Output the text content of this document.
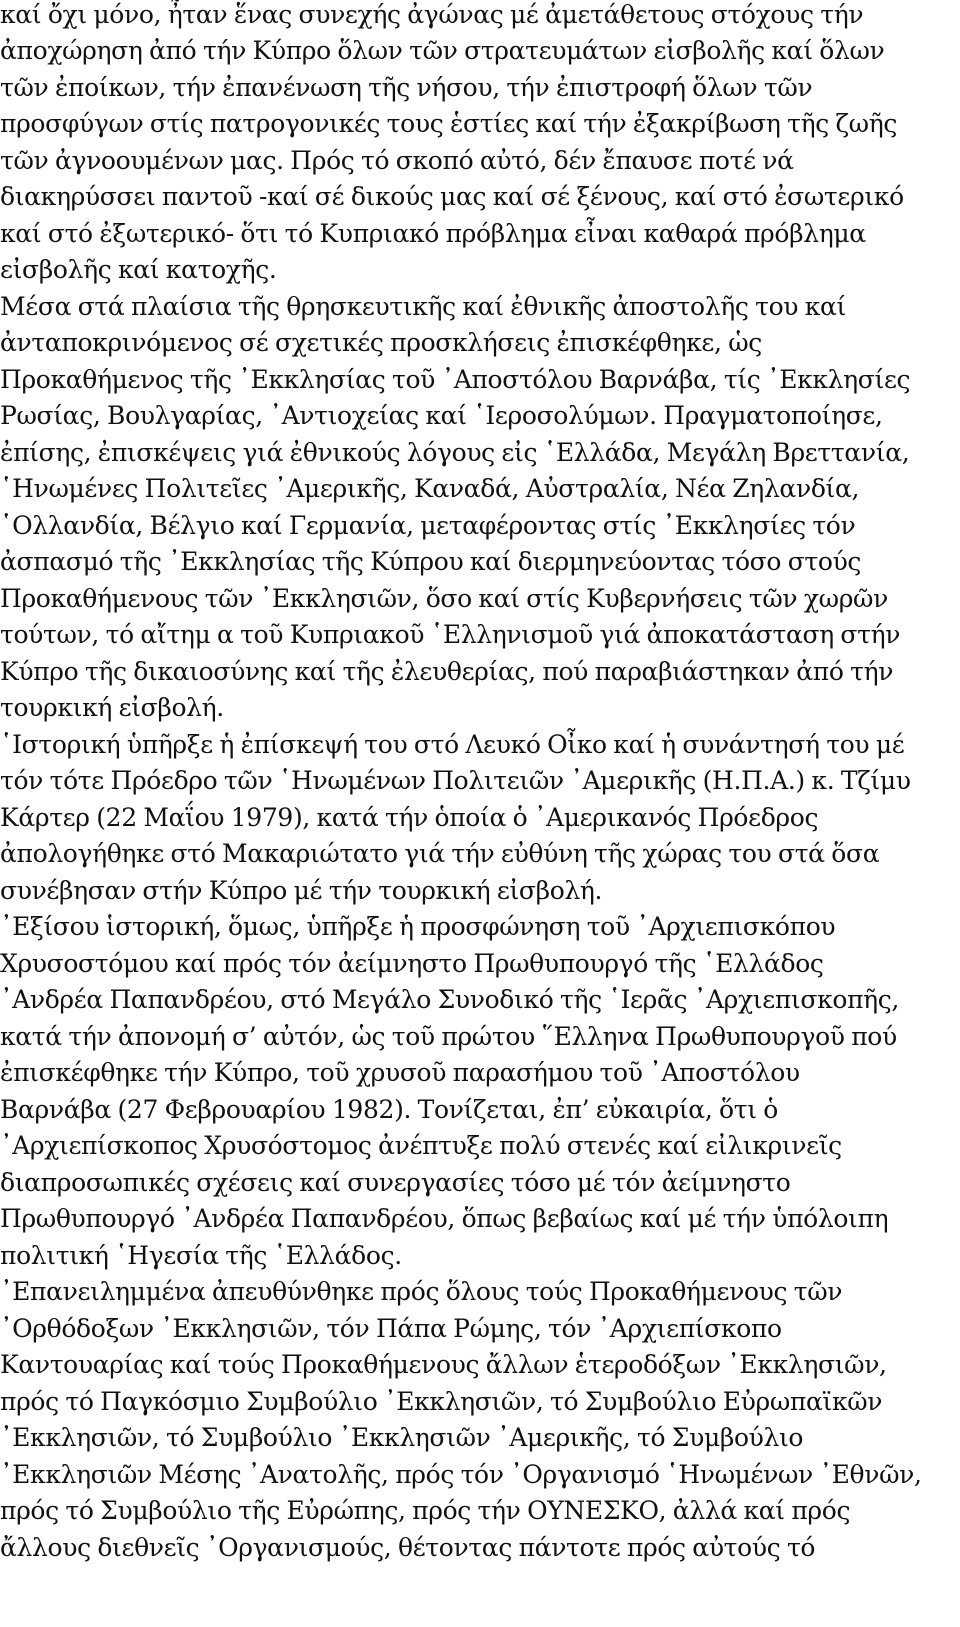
καί ὄχι μόνο, ἦταν ἕνας συνεχής ἀγώνας μέ ἀμετάθετους στόχους τήν
ἀποχώρηση ἀπό τήν Κύπρο ὅλων τῶν στρατευμάτων εἰσβολῆς καί ὅλων
τῶν ἐποίκων, τήν ἐπανένωση τῆς νήσου, τήν ἐπιστροφή ὅλων τῶν
προσφύγων στίς πατρογονικές τους ἑστίες καί τήν ἐξακρίβωση τῆς ζωῆς
τῶν ἀγνοουμένων μας. Πρός τό σκοπό αὐτό, δέν ἔπαυσε ποτέ νά
διακηρύσσει παντοῦ -καί σέ δικούς μας καί σέ ξένους, καί στό ἐσωτερικό
καί στό ἐξωτερικό- ὅτι τό Κυπριακό πρόβλημα εἶναι καθαρά πρόβλημα
εἰσβολῆς καί κατοχῆς.
Μέσα στά πλαίσια τῆς θρησκευτικῆς καί ἐθνικῆς ἀποστολῆς του καί
ἀνταποκρινόμενος σέ σχετικές προσκλήσεις ἐπισκέφθηκε, ὡς
Προκαθήμενος τῆς ᾿Εκκλησίας τοῦ ᾿Αποστόλου Βαρνάβα, τίς ᾿Εκκλησίες
Ρωσίας, Βουλγαρίας, ᾿Αντιοχείας καί ῾Ιεροσολύμων. Πραγματοποίησε,
ἐπίσης, ἐπισκέψεις γιά ἐθνικούς λόγους εἰς ῾Ελλάδα, Μεγάλη Βρεττανία,
῾Ηνωμένες Πολιτεῖες ᾿Αμερικῆς, Καναδά, Αὐστραλία, Νέα Ζηλανδία,
῾Ολλανδία, Βέλγιο καί Γερμανία, μεταφέροντας στίς ᾿Εκκλησίες τόν
ἀσπασμό τῆς ᾿Εκκλησίας τῆς Κύπρου καί διερμηνεύοντας τόσο στούς
Προκαθήμενους τῶν ᾿Εκκλησιῶν, ὅσο καί στίς Κυβερνήσεις τῶν χωρῶν
τούτων, τό αἴτημ α τοῦ Κυπριακοῦ ῾Ελληνισμοῦ γιά ἀποκατάσταση στήν
Κύπρο τῆς δικαιοσύνης καί τῆς ἐλευθερίας, πού παραβιάστηκαν ἀπό τήν
τουρκική εἰσβολή.
῾Ιστορική ὑπῆρξε ἡ ἐπίσκεψή του στό Λευκό Οἶκο καί ἡ συνάντησή του μέ
τόν τότε Πρόεδρο τῶν ῾Ηνωμένων Πολιτειῶν ᾿Αμερικῆς (Η.Π.Α.) κ. Τζίμυ
Κάρτερ (22 Μαΐου 1979), κατά τήν ὁποία ὁ ᾿Αμερικανός Πρόεδρος
ἀπολογήθηκε στό Μακαριώτατο γιά τήν εὐθύνη τῆς χώρας του στά ὅσα
συνέβησαν στήν Κύπρο μέ τήν τουρκική εἰσβολή.
᾿Εξίσου ἱστορική, ὅμως, ὑπῆρξε ἡ προσφώνηση τοῦ ᾿Αρχιεπισκόπου
Χρυσοστόμου καί πρός τόν ἀείμνηστο Πρωθυπουργό τῆς ῾Ελλάδος
᾿Ανδρέα Παπανδρέου, στό Μεγάλο Συνοδικό τῆς ῾Ιερᾶς ᾿Αρχιεπισκοπῆς,
κατά τήν ἀπονομή σ’ αὐτόν, ὡς τοῦ πρώτου ῞Ελληνα Πρωθυπουργοῦ πού
ἐπισκέφθηκε τήν Κύπρο, τοῦ χρυσοῦ παρασήμου τοῦ ᾿Αποστόλου
Βαρνάβα (27 Φεβρουαρίου 1982). Τονίζεται, ἐπ’ εὐκαιρία, ὅτι ὁ
᾿Αρχιεπίσκοπος Χρυσόστομος ἀνέπτυξε πολύ στενές καί εἰλικρινεῖς
διαπροσωπικές σχέσεις καί συνεργασίες τόσο μέ τόν ἀείμνηστο
Πρωθυπουργό ᾿Ανδρέα Παπανδρέου, ὅπως βεβαίως καί μέ τήν ὑπόλοιπη
πολιτική ῾Ηγεσία τῆς ῾Ελλάδος.
᾿Επανειλημμένα ἀπευθύνθηκε πρός ὅλους τούς Προκαθήμενους τῶν
᾿Ορθόδοξων ᾿Εκκλησιῶν, τόν Πάπα Ρώμης, τόν ᾿Αρχιεπίσκοπο
Καντουαρίας καί τούς Προκαθήμενους ἄλλων ἑτεροδόξων ᾿Εκκλησιῶν,
πρός τό Παγκόσμιο Συμβούλιο ᾿Εκκλησιῶν, τό Συμβούλιο Εὐρωπαϊκῶν
᾿Εκκλησιῶν, τό Συμβούλιο ᾿Εκκλησιῶν ᾿Αμερικῆς, τό Συμβούλιο
᾿Εκκλησιῶν Μέσης ᾿Ανατολῆς, πρός τόν ᾿Οργανισμό ῾Ηνωμένων ᾿Εθνῶν,
πρός τό Συμβούλιο τῆς Εὐρώπης, πρός τήν ΟΥΝΕΣΚΟ, ἀλλά καί πρός
ἄλλους διεθνεῖς ᾿Οργανισμούς, θέτοντας πάντοτε πρός αὐτούς τό
